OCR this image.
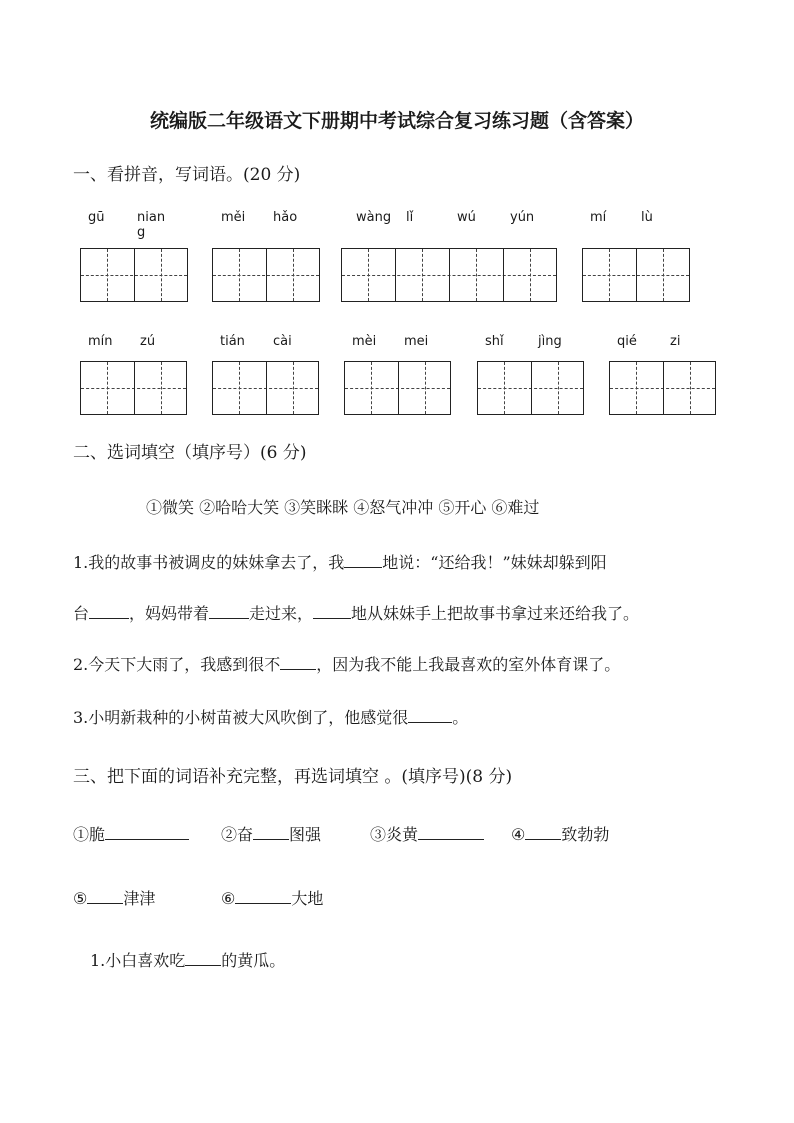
统编版二年级语文下册期中考试综合复习练习题（含答案）
一、看拼音，写词语。(20 分)
gū	nian
g
měi hǎo	wàng lǐ	wú	yún	mí	lù
mín zú	tián cài	mèi mei	shǐ	jìng	qié	zi
二、选词填空（填序号）(6 分)
①微笑 ②哈哈大笑 ③笑眯眯 ④怒气冲冲 ⑤开心 ⑥难过
1.我的故事书被调皮的妹妹拿去了，我 地说：“还给我！”妹妹却躲到阳
台	，妈妈带着	走过来， 地从妹妹手上把故事书拿过来还给我了。
2.今天下大雨了，我感到很不 ，因为我不能上我最喜欢的室外体育课了。
3.小明新栽种的小树苗被大风吹倒了，他感觉很	。
三、把下面的词语补充完整，再选词填空 。(填序号)(8 分)
①脆	②奋 图强	③炎黄	④ 致勃勃
⑤ 津津	⑥	大地
1.小白喜欢吃 的黄瓜。
